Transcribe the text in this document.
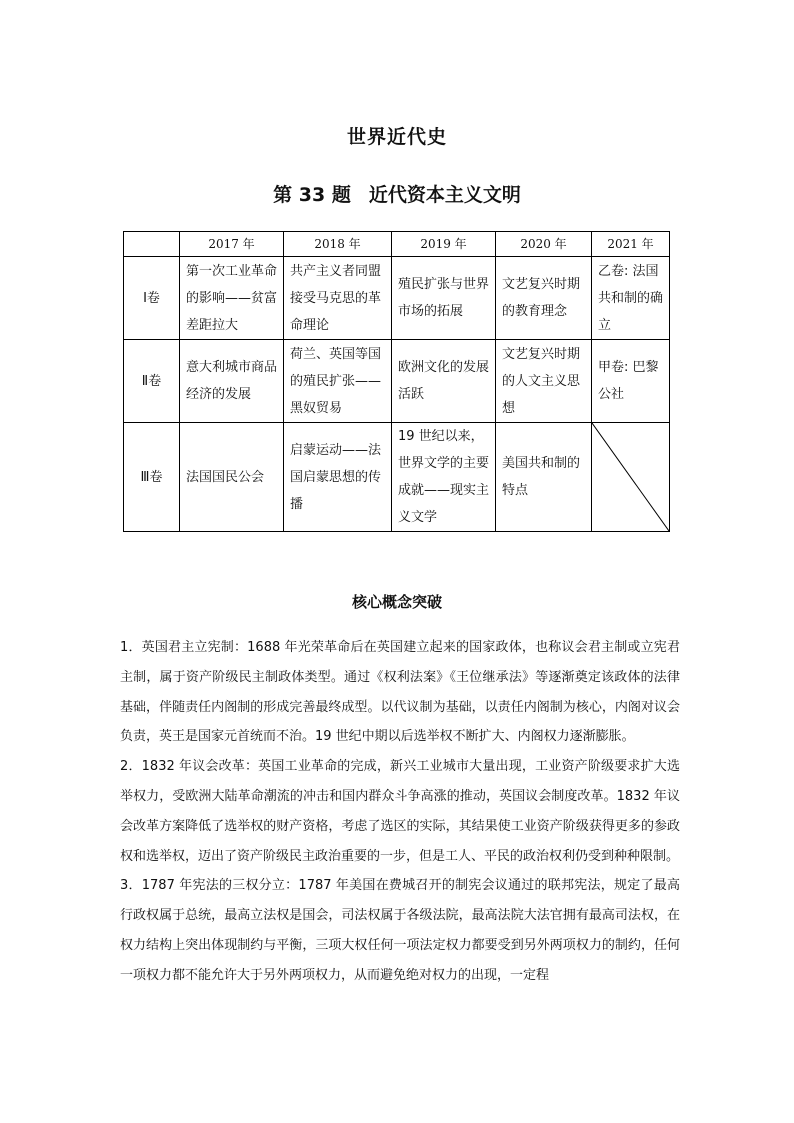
世界近代史
第 33 题 近代资本主义文明
	2017 年	2018 年	2019 年	2020 年	2021 年
Ⅰ卷	第一次工业革命的影响——贫富差距拉大	共产主义者同盟接受马克思的革命理论	殖民扩张与世界市场的拓展	文艺复兴时期的教育理念	乙卷: 法国共和制的确立
Ⅱ卷	意大利城市商品经济的发展	荷兰、英国等国的殖民扩张——黑奴贸易	欧洲文化的发展活跃	文艺复兴时期的人文主义思想	甲卷: 巴黎公社
Ⅲ卷	法国国民公会	启蒙运动——法国启蒙思想的传播	19 世纪以来，世界文学的主要成就——现实主义文学	美国共和制的特点	
核心概念突破

1．英国君主立宪制：1688 年光荣革命后在英国建立起来的国家政体，也称议会君主制或立宪君主制，属于资产阶级民主制政体类型。通过《权利法案》《王位继承法》等逐渐奠定该政体的法律基础，伴随责任内阁制的形成完善最终成型。以代议制为基础，以责任内阁制为核心，内阁对议会负责，英王是国家元首统而不治。19 世纪中期以后选举权不断扩大、内阁权力逐渐膨胀。

2．1832 年议会改革：英国工业革命的完成，新兴工业城市大量出现，工业资产阶级要求扩大选举权力，受欧洲大陆革命潮流的冲击和国内群众斗争高涨的推动，英国议会制度改革。1832 年议会改革方案降低了选举权的财产资格，考虑了选区的实际，其结果使工业资产阶级获得更多的参政权和选举权，迈出了资产阶级民主政治重要的一步，但是工人、平民的政治权利仍受到种种限制。

3．1787 年宪法的三权分立：1787 年美国在费城召开的制宪会议通过的联邦宪法，规定了最高行政权属于总统，最高立法权是国会，司法权属于各级法院，最高法院大法官拥有最高司法权，在权力结构上突出体现制约与平衡，三项大权任何一项法定权力都要受到另外两项权力的制约，任何一项权力都不能允许大于另外两项权力，从而避免绝对权力的出现，一定程
